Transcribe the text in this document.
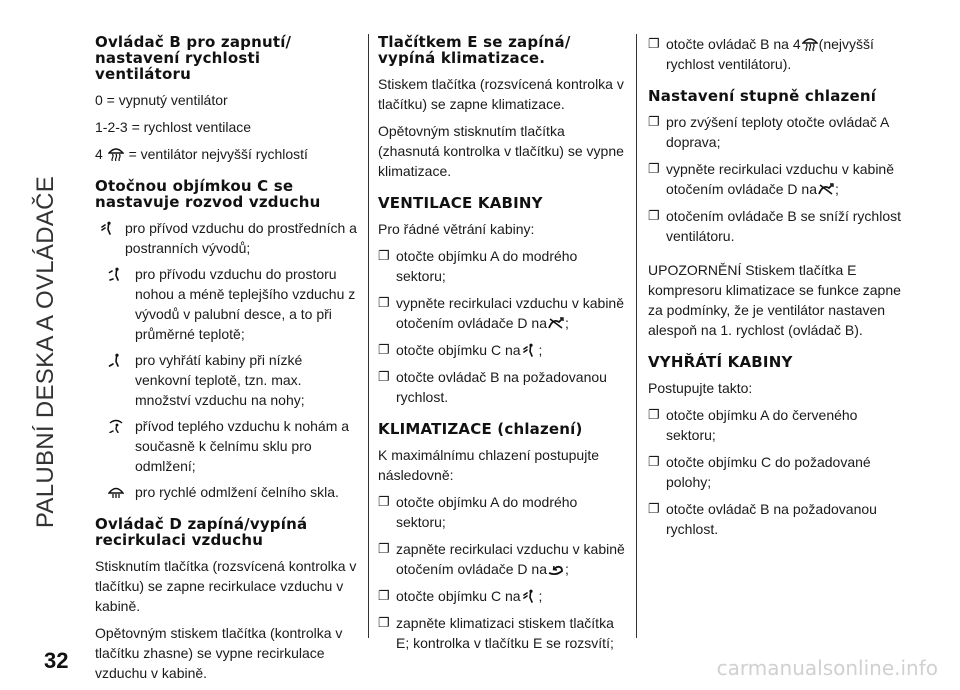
PALUBNÍ DESKA A OVLÁDAČE
32	carmanualsonline.info
Ovládač B pro zapnutí/ nastavení rychlosti ventilátoru

0 = vypnutý ventilátor

1-2-3 = rychlost ventilace

4 = ventilátor nejvyšší rychlostí

Otočnou objímkou C se nastavuje rozvod vzduchu
pro přívod vzduchu do prostředních a postranních vývodů;
pro přívodu vzduchu do prostoru nohou a méně teplejšího vzduchu z vývodů v palubní desce, a to při průměrné teplotě;
pro vyhřátí kabiny při nízké venkovní teplotě, tzn. max. množství vzduchu na nohy;
přívod teplého vzduchu k nohám a současně k čelnímu sklu pro odmlžení;
pro rychlé odmlžení čelního skla.
Ovládač D zapíná/vypíná recirkulaci vzduchu

Stisknutím tlačítka (rozsvícená kontrolka v tlačítku) se zapne recirkulace vzduchu v kabině.

Opětovným stiskem tlačítka (kontrolka v tlačítku zhasne) se vypne recirkulace vzduchu v kabině.

Tlačítkem E se zapíná/ vypíná klimatizace.

Stiskem tlačítka (rozsvícená kontrolka v tlačítku) se zapne klimatizace.

Opětovným stisknutím tlačítka (zhasnutá kontrolka v tlačítku) se vypne klimatizace.

VENTILACE KABINY

Pro řádné větrání kabiny:

❐ otočte objímku A do modrého sektoru;
❐ vypněte recirkulaci vzduchu v kabině otočením ovládače D na ;
❐ otočte objímku C na ;
❐ otočte ovládač B na požadovanou rychlost.
KLIMATIZACE (chlazení)

K maximálnímu chlazení postupujte následovně:

❐ otočte objímku A do modrého sektoru;
❐ zapněte recirkulaci vzduchu v kabině otočením ovládače D na ;
❐ otočte objímku C na ;
❐ zapněte klimatizaci stiskem tlačítka E; kontrolka v tlačítku E se rozsvítí;
❐ otočte ovládač B na 4 (nejvyšší rychlost ventilátoru).
Nastavení stupně chlazení
❐ pro zvýšení teploty otočte ovládač A doprava;
❐ vypněte recirkulaci vzduchu v kabině otočením ovládače D na ;
❐ otočením ovládače B se sníží rychlost ventilátoru.

UPOZORNĚNÍ Stiskem tlačítka E kompresoru klimatizace se funkce zapne za podmínky, že je ventilátor nastaven alespoň na 1. rychlost (ovládač B).

VYHŘÁTÍ KABINY

Postupujte takto:

❐ otočte objímku A do červeného sektoru;
❐ otočte objímku C do požadované polohy;
❐ otočte ovládač B na požadovanou rychlost.
